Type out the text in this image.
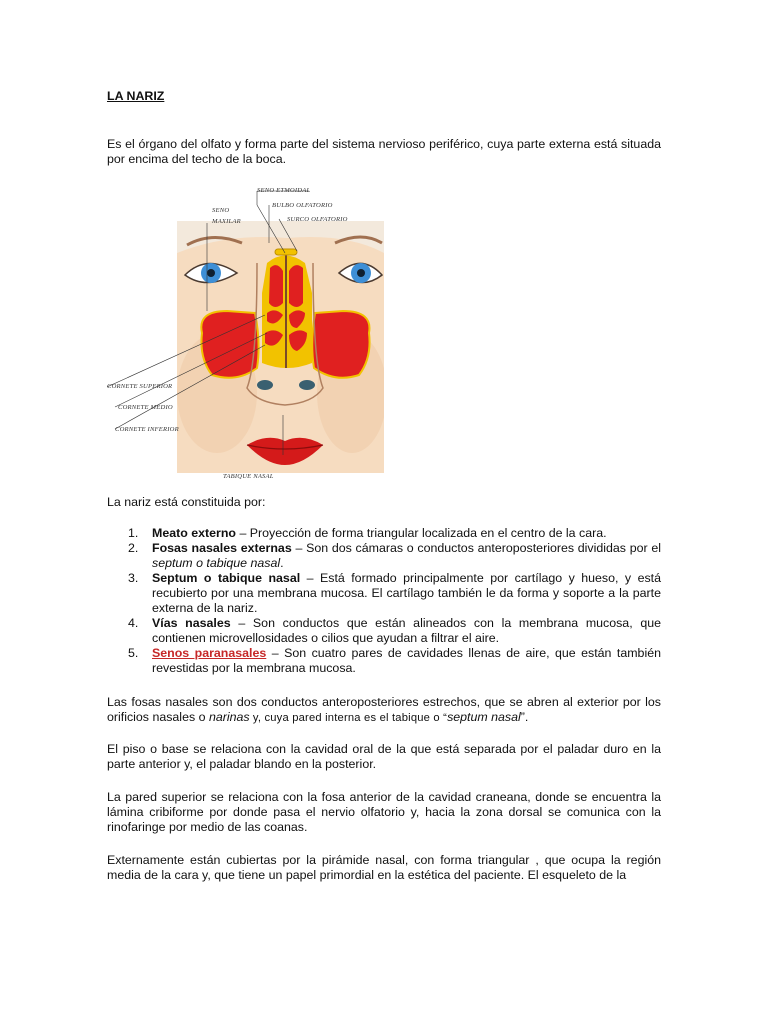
LA NARIZ

Es el órgano del olfato y forma parte del sistema nervioso periférico, cuya parte externa está situada por encima del techo de la boca.

SENO ETMOIDAL
BULBO OLFATORIO
SURCO OLFATORIO
SENO
MAXILAR
CORNETE SUPERIOR
CORNETE MEDIO
CORNETE INFERIOR
TABIQUE NASAL

La nariz está constituida por:

1. Meato externo – Proyección de forma triangular localizada en el centro de la cara.
2. Fosas nasales externas – Son dos cámaras o conductos anteroposteriores divididas por el septum o tabique nasal.
3. Septum o tabique nasal – Está formado principalmente por cartílago y hueso, y está recubierto por una membrana mucosa. El cartílago también le da forma y soporte a la parte externa de la nariz.
4. Vías nasales – Son conductos que están alineados con la membrana mucosa, que contienen microvellosidades o cilios que ayudan a filtrar el aire.
5. Senos paranasales – Son cuatro pares de cavidades llenas de aire, que están también revestidas por la membrana mucosa.

Las fosas nasales son dos conductos anteroposteriores estrechos, que se abren al exterior por los orificios nasales o narinas y, cuya pared interna es el tabique o “septum nasal”.

El piso o base se relaciona con la cavidad oral de la que está separada por el paladar duro en la parte anterior y, el paladar blando en la posterior.

La pared superior se relaciona con la fosa anterior de la cavidad craneana, donde se encuentra la lámina cribiforme por donde pasa el nervio olfatorio y, hacia la zona dorsal se comunica con la rinofaringe por medio de las coanas.

Externamente están cubiertas por la pirámide nasal, con forma triangular , que ocupa la región media de la cara y, que tiene un papel primordial en la estética del paciente. El esqueleto de la
